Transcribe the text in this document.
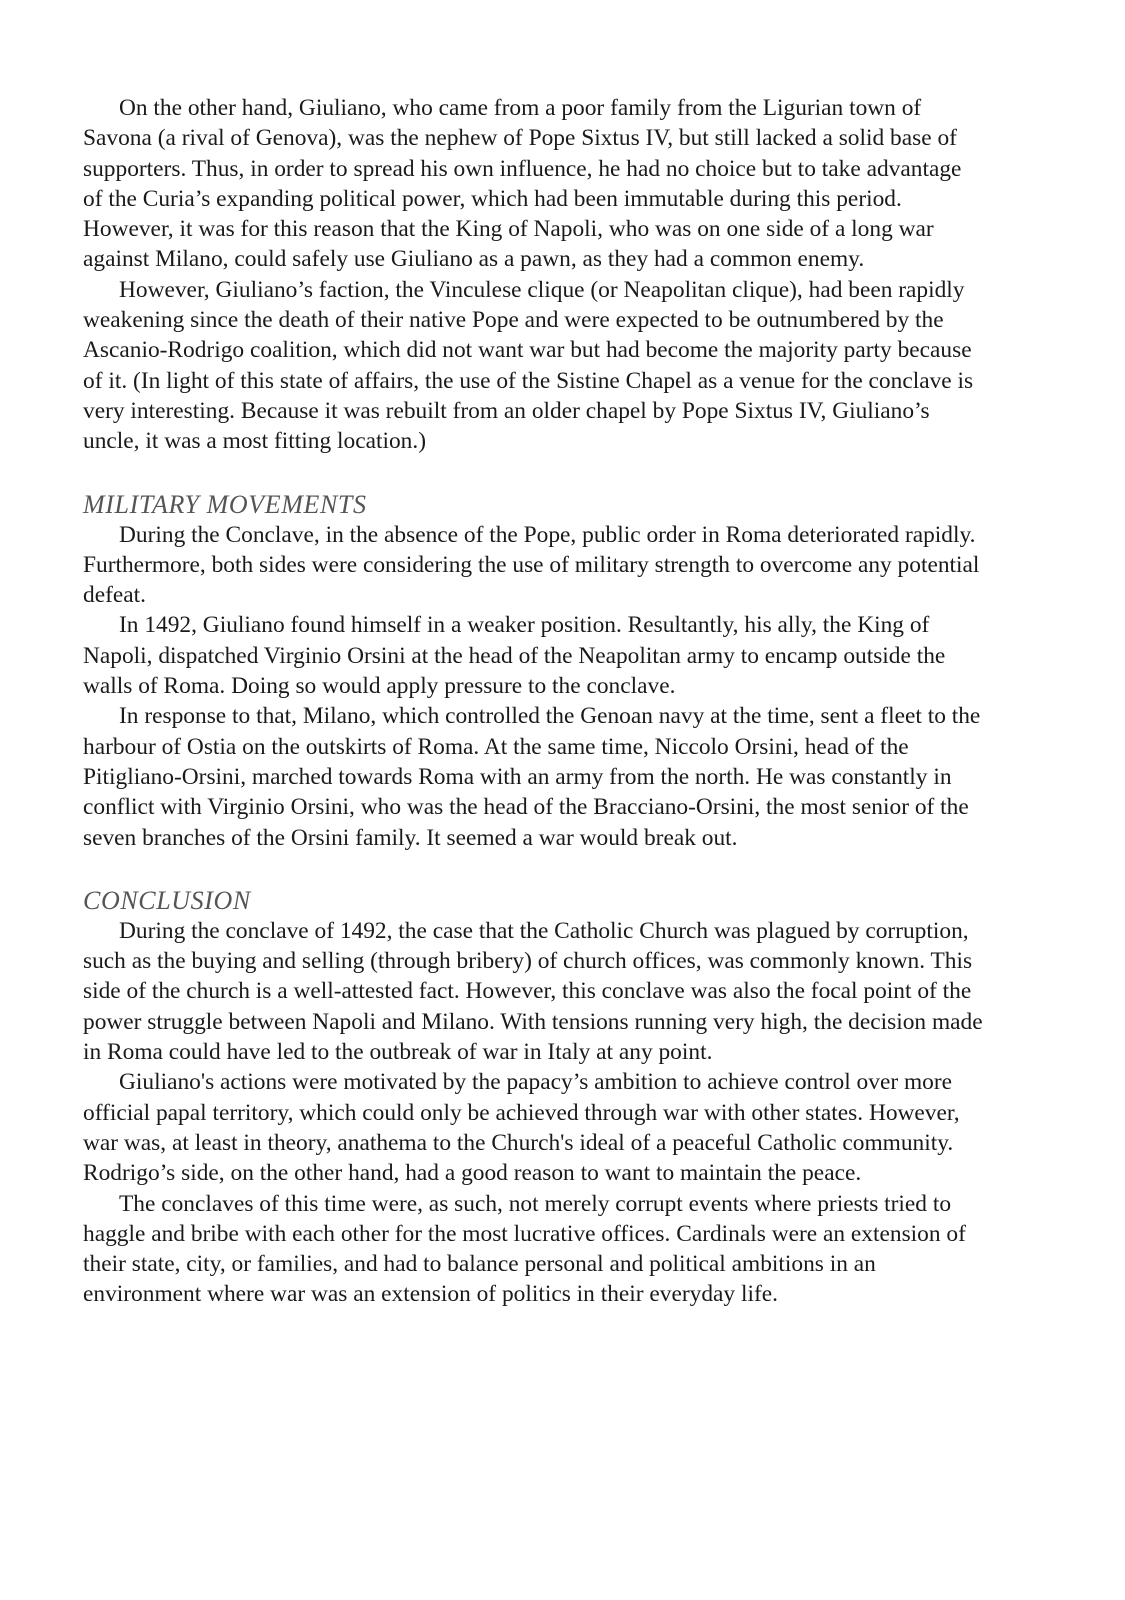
On the other hand, Giuliano, who came from a poor family from the Ligurian town of Savona (a rival of Genova), was the nephew of Pope Sixtus IV, but still lacked a solid base of supporters. Thus, in order to spread his own influence, he had no choice but to take advantage of the Curia’s expanding political power, which had been immutable during this period. However, it was for this reason that the King of Napoli, who was on one side of a long war against Milano, could safely use Giuliano as a pawn, as they had a common enemy.

However, Giuliano’s faction, the Vinculese clique (or Neapolitan clique), had been rapidly weakening since the death of their native Pope and were expected to be outnumbered by the Ascanio-Rodrigo coalition, which did not want war but had become the majority party because of it. (In light of this state of affairs, the use of the Sistine Chapel as a venue for the conclave is very interesting. Because it was rebuilt from an older chapel by Pope Sixtus IV, Giuliano’s uncle, it was a most fitting location.)

MILITARY MOVEMENTS

During the Conclave, in the absence of the Pope, public order in Roma deteriorated rapidly. Furthermore, both sides were considering the use of military strength to overcome any potential defeat.

In 1492, Giuliano found himself in a weaker position. Resultantly, his ally, the King of Napoli, dispatched Virginio Orsini at the head of the Neapolitan army to encamp outside the walls of Roma. Doing so would apply pressure to the conclave.

In response to that, Milano, which controlled the Genoan navy at the time, sent a fleet to the harbour of Ostia on the outskirts of Roma. At the same time, Niccolo Orsini, head of the Pitigliano-Orsini, marched towards Roma with an army from the north. He was constantly in conflict with Virginio Orsini, who was the head of the Bracciano-Orsini, the most senior of the seven branches of the Orsini family. It seemed a war would break out.

CONCLUSION

During the conclave of 1492, the case that the Catholic Church was plagued by corruption, such as the buying and selling (through bribery) of church offices, was commonly known. This side of the church is a well-attested fact. However, this conclave was also the focal point of the power struggle between Napoli and Milano. With tensions running very high, the decision made in Roma could have led to the outbreak of war in Italy at any point.

Giuliano's actions were motivated by the papacy’s ambition to achieve control over more official papal territory, which could only be achieved through war with other states. However, war was, at least in theory, anathema to the Church's ideal of a peaceful Catholic community. Rodrigo’s side, on the other hand, had a good reason to want to maintain the peace.

The conclaves of this time were, as such, not merely corrupt events where priests tried to haggle and bribe with each other for the most lucrative offices. Cardinals were an extension of their state, city, or families, and had to balance personal and political ambitions in an environment where war was an extension of politics in their everyday life.
